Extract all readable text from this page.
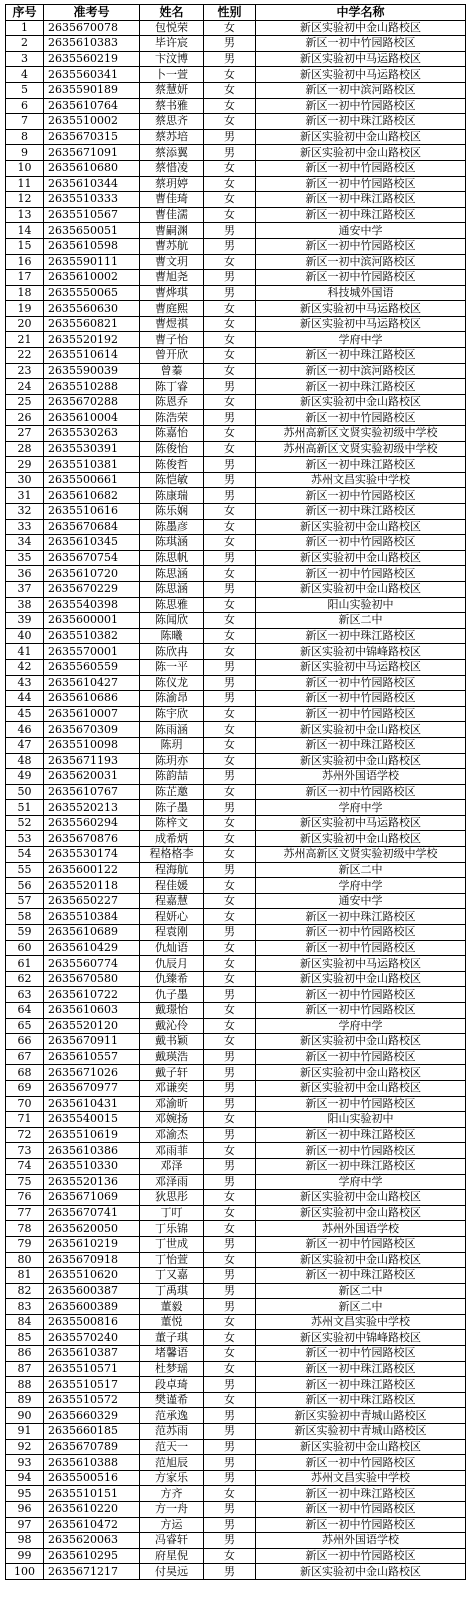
序号	准考号	姓名	性别	中学名称
1	2635670078	包悦荣	女	新区实验初中金山路校区
2	2635610383	毕许宸	男	新区一初中竹园路校区
3	2635560219	卞汶博	男	新区实验初中马运路校区
4	2635560341	卜一萱	女	新区实验初中马运路校区
5	2635590189	蔡慧妍	女	新区一初中滨河路校区
6	2635610764	蔡书雅	女	新区一初中竹园路校区
7	2635510002	蔡思齐	女	新区一初中珠江路校区
8	2635670315	蔡苏培	男	新区实验初中金山路校区
9	2635671091	蔡添翼	男	新区实验初中金山路校区
10	2635610680	蔡惜凌	女	新区一初中竹园路校区
11	2635610344	蔡玥婷	女	新区一初中竹园路校区
12	2635510333	曹佳琦	女	新区一初中珠江路校区
13	2635510567	曹佳濡	女	新区一初中珠江路校区
14	2635650051	曹嗣渊	男	通安中学
15	2635610598	曹苏航	男	新区一初中竹园路校区
16	2635590111	曹文玥	女	新区一初中滨河路校区
17	2635610002	曹旭尧	男	新区一初中竹园路校区
18	2635550065	曹烨琪	男	科技城外国语
19	2635560630	曹庭熙	女	新区实验初中马运路校区
20	2635560821	曹煜祺	女	新区实验初中马运路校区
21	2635520192	曹子怡	女	学府中学
22	2635510614	曾开欣	女	新区一初中珠江路校区
23	2635590039	曾蓁	女	新区一初中滨河路校区
24	2635510288	陈丁睿	男	新区一初中珠江路校区
25	2635670288	陈恩乔	女	新区实验初中金山路校区
26	2635610004	陈浩荣	男	新区一初中竹园路校区
27	2635530263	陈嘉怡	女	苏州高新区文贤实验初级中学校
28	2635530391	陈俊怡	女	苏州高新区文贤实验初级中学校
29	2635510381	陈俊哲	男	新区一初中珠江路校区
30	2635500661	陈恺敏	男	苏州文昌实验中学校
31	2635610682	陈康瑞	男	新区一初中竹园路校区
32	2635510616	陈乐娴	女	新区一初中珠江路校区
33	2635670684	陈墨彦	女	新区实验初中金山路校区
34	2635610345	陈琪涵	女	新区一初中竹园路校区
35	2635670754	陈思帆	男	新区实验初中金山路校区
36	2635610720	陈思涵	女	新区一初中竹园路校区
37	2635670229	陈思涵	男	新区实验初中金山路校区
38	2635540398	陈思雅	女	阳山实验初中
39	2635600001	陈闻欣	女	新区二中
40	2635510382	陈曦	女	新区一初中珠江路校区
41	2635570001	陈欣冉	女	新区实验初中锦峰路校区
42	2635560559	陈一平	男	新区实验初中马运路校区
43	2635610427	陈仪龙	男	新区一初中竹园路校区
44	2635610686	陈渝昂	男	新区一初中竹园路校区
45	2635610007	陈宇欣	女	新区一初中竹园路校区
46	2635670309	陈雨涵	女	新区实验初中金山路校区
47	2635510098	陈玥	女	新区一初中珠江路校区
48	2635671193	陈玥亦	女	新区实验初中金山路校区
49	2635620031	陈韵喆	男	苏州外国语学校
50	2635610767	陈芷邀	女	新区一初中竹园路校区
51	2635520213	陈子墨	男	学府中学
52	2635560294	陈梓文	女	新区实验初中马运路校区
53	2635670876	成希炳	女	新区实验初中金山路校区
54	2635530174	程格格李	女	苏州高新区文贤实验初级中学校
55	2635600122	程海航	男	新区二中
56	2635520118	程佳媛	女	学府中学
57	2635650227	程嘉慧	女	通安中学
58	2635510384	程妍心	女	新区一初中珠江路校区
59	2635610689	程袁刚	男	新区一初中竹园路校区
60	2635610429	仇灿语	女	新区一初中竹园路校区
61	2635560774	仇辰月	女	新区实验初中马运路校区
62	2635670580	仇臻希	女	新区实验初中金山路校区
63	2635610722	仇子墨	男	新区一初中竹园路校区
64	2635610603	戴璟怡	女	新区一初中竹园路校区
65	2635520120	戴沁伶	女	学府中学
66	2635670911	戴书颖	女	新区实验初中金山路校区
67	2635610557	戴瑛浩	男	新区一初中竹园路校区
68	2635671026	戴子轩	男	新区实验初中金山路校区
69	2635670977	邓谦奕	男	新区实验初中金山路校区
70	2635610431	邓渝昕	男	新区一初中竹园路校区
71	2635540015	邓婉扬	女	阳山实验初中
72	2635510619	邓渝杰	男	新区一初中珠江路校区
73	2635610386	邓雨菲	女	新区一初中竹园路校区
74	2635510330	邓泽	男	新区一初中珠江路校区
75	2635520136	邓泽雨	男	学府中学
76	2635671069	狄思彤	女	新区实验初中金山路校区
77	2635670741	丁叮	女	新区实验初中金山路校区
78	2635620050	丁乐锦	女	苏州外国语学校
79	2635610219	丁世成	男	新区一初中竹园路校区
80	2635670918	丁怡萱	女	新区实验初中金山路校区
81	2635510620	丁又嘉	男	新区一初中珠江路校区
82	2635600387	丁禹琪	男	新区二中
83	2635600389	董毅	男	新区二中
84	2635500816	董悦	女	苏州文昌实验中学校
85	2635570240	董子琪	女	新区实验初中锦峰路校区
86	2635610387	堵馨语	女	新区一初中竹园路校区
87	2635510571	杜梦瑶	女	新区一初中珠江路校区
88	2635510517	段卓琦	男	新区一初中珠江路校区
89	2635510572	樊谨希	女	新区一初中珠江路校区
90	2635660329	范承逸	男	新区实验初中青城山路校区
91	2635660185	范苏雨	男	新区实验初中青城山路校区
92	2635670789	范天一	男	新区实验初中金山路校区
93	2635610388	范旭辰	男	新区一初中竹园路校区
94	2635500516	方家乐	男	苏州文昌实验中学校
95	2635510151	方齐	女	新区一初中珠江路校区
96	2635610220	方一舟	男	新区一初中竹园路校区
97	2635610472	方运	男	新区一初中竹园路校区
98	2635620063	冯睿轩	男	苏州外国语学校
99	2635610295	府星倪	女	新区一初中竹园路校区
100	2635671217	付昊远	男	新区实验初中金山路校区
